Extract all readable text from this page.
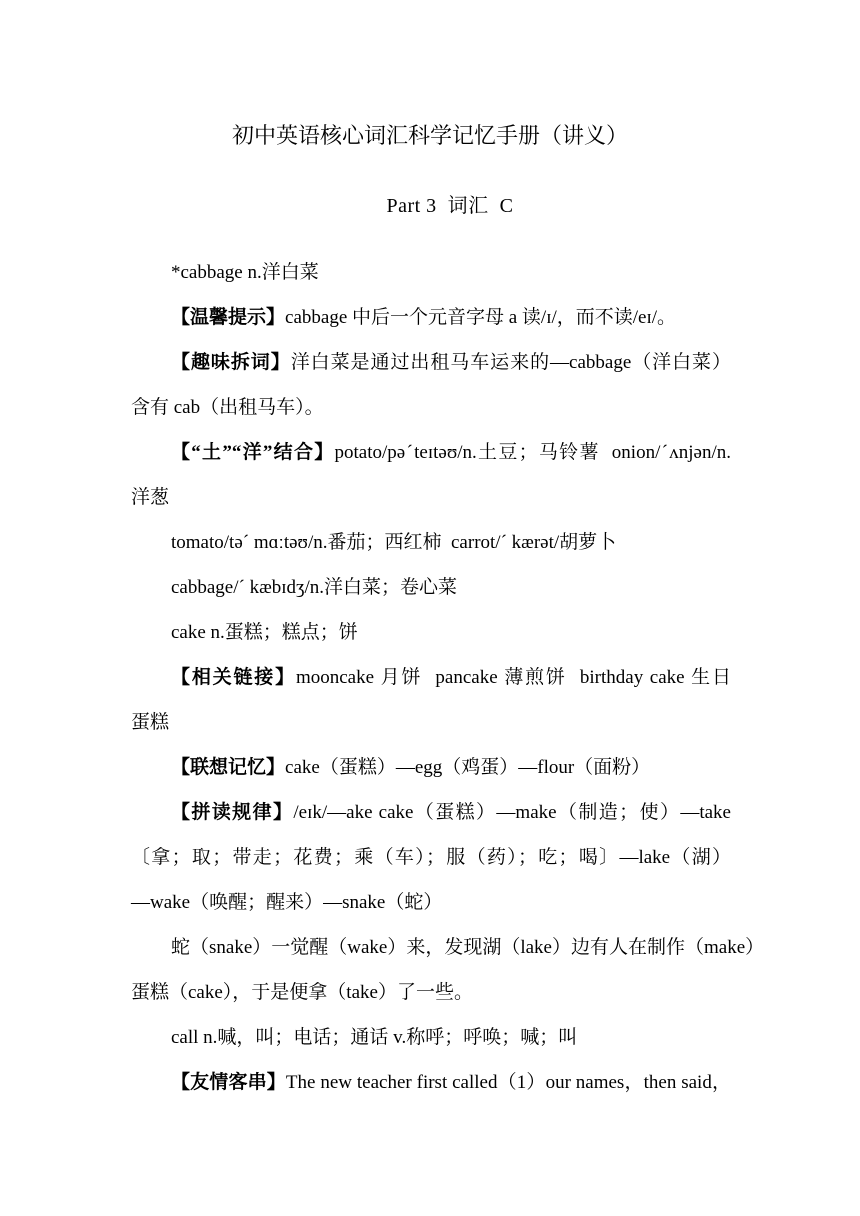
初中英语核心词汇科学记忆手册（讲义）
Part 3  词汇  C
*cabbage n.洋白菜
【温馨提示】cabbage 中后一个元音字母 a 读/ɪ/，而不读/eɪ/。
【趣味拆词】洋白菜是通过出租马车运来的—cabbage（洋白菜）
含有 cab（出租马车）。
【“土”“洋”结合】potato/pəˊteɪtəʊ/n.土豆；马铃薯  onion/ˊʌnjən/n.
洋葱
tomato/təˊ mɑːtəʊ/n.番茄；西红柿  carrot/ˊ kærət/胡萝卜
cabbage/ˊ kæbɪdʒ/n.洋白菜；卷心菜
cake n.蛋糕；糕点；饼
【相关链接】mooncake 月饼  pancake 薄煎饼  birthday cake 生日
蛋糕
【联想记忆】cake（蛋糕）—egg（鸡蛋）—flour（面粉）
【拼读规律】/eɪk/—ake cake（蛋糕）—make（制造；使）—take
〔拿；取；带走；花费；乘（车）；服（药）；吃；喝〕—lake（湖）
—wake（唤醒；醒来）—snake（蛇）
蛇（snake）一觉醒（wake）来，发现湖（lake）边有人在制作（make）
蛋糕（cake），于是便拿（take）了一些。
call n.喊，叫；电话；通话 v.称呼；呼唤；喊；叫
【友情客串】The new teacher first called（1）our names，then said，
